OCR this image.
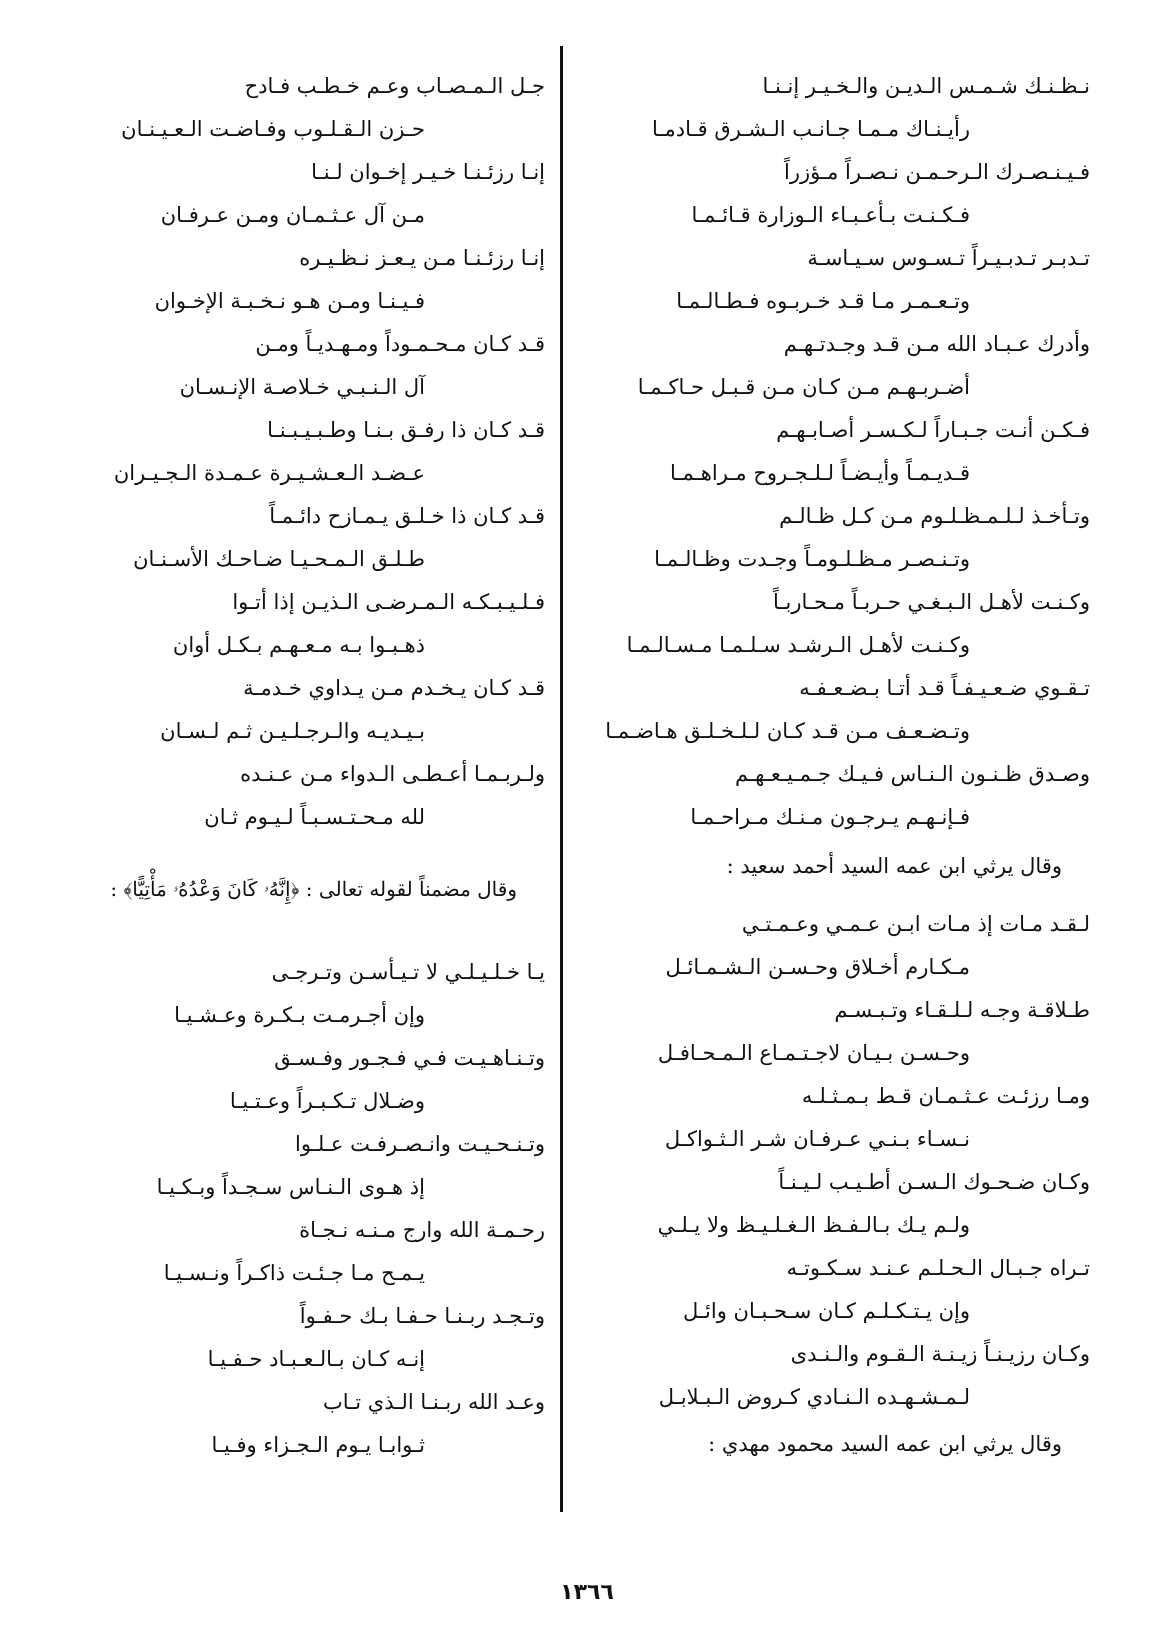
نـظـنـك شـمـس الـديـن والـخـيـر إنـنـا
رأيـنـاك مـمـا جـانـب الـشـرق قـادمـا
فـيـنـصـرك الـرحـمـن نـصـراً مـؤزراً
فـكـنـت بـأعـبـاء الـوزارة قـائـمـا
تـدبـر تـدبـيـراً تـسـوس سـيـاسـة
وتـعـمـر مـا قـد خـربـوه فـطـالـمـا
وأدرك عـبـاد الله مـن قـد وجـدتـهـم
أضـربـهـم مـن كـان مـن قـبـل حـاكـمـا
فـكـن أنـت جـبـاراً لـكـسـر أصـابـهـم
قـديـمـاً وأيـضـاً لـلـجـروح مـراهـمـا
وتـأخـذ لـلـمـظـلـوم مـن كـل ظـالـم
وتـنـصـر مـظـلـومـاً وجـدت وظـالـمـا
وكـنـت لأهـل الـبـغـي حـربـاً مـحـاربـاً
وكـنـت لأهـل الـرشـد سـلـمـا مـسـالـمـا
تـقـوي ضـعـيـفـاً قـد أتـا بـضـعـفـه
وتـضـعـف مـن قـد كـان لـلـخـلـق هـاضـمـا
وصـدق ظـنـون الـنـاس فـيـك جـمـيـعـهـم
فـإنـهـم يـرجـون مـنـك مـراحـمـا
وقال يرثي ابن عمه السيد أحمد سعيد :
لـقـد مـات إذ مـات ابـن عـمـي وعـمـتـي
مـكـارم أخـلاق وحـسـن الـشـمـائـل
طـلاقـة وجـه لـلـقـاء وتـبـسـم
وحـسـن بـيـان لاجـتـمـاع الـمـحـافـل
ومـا رزئـت عـثـمـان قـط بـمـثـلـه
نـسـاء بـنـي عـرفـان شـر الـثـواكـل
وكـان ضـحـوك الـسـن أطـيـب لـيـنـاً
ولـم يـك بـالـفـظ الـغـلـيـظ ولا يـلـي
تـراه جـبـال الـحـلـم عـنـد سـكـوتـه
وإن يـتـكـلـم كـان سـحـبـان وائـل
وكـان رزيـنـاً زيـنـة الـقـوم والـنـدى
لـمـشـهـده الـنـادي كـروض الـبـلابـل
وقال يرثي ابن عمه السيد محمود مهدي :
جـل الـمـصـاب وعـم خـطـب فـادح
حـزن الـقـلـوب وفـاضـت الـعـيـنـان
إنـا رزئـنـا خـيـر إخـوان لـنـا
مـن آل عـثـمـان ومـن عـرفـان
إنـا رزئـنـا مـن يـعـز نـظـيـره
فـيـنـا ومـن هـو نـخـبـة الإخـوان
قـد كـان مـحـمـوداً ومـهـديـاً ومـن
آل الـنـبـي خـلاصـة الإنـسـان
قـد كـان ذا رفـق بـنـا وطـبـيـبـنـا
عـضـد الـعـشـيـرة عـمـدة الـجـيـران
قـد كـان ذا خـلـق يـمـازح دائـمـاً
طـلـق الـمـحـيـا ضـاحـك الأسـنـان
فـلـيـبـكـه الـمـرضـى الـذيـن إذا أتـوا
ذهـبـوا بـه مـعـهـم بـكـل أوان
قـد كـان يـخـدم مـن يـداوي خـدمـة
بـيـديـه والـرجـلـيـن ثـم لـسـان
ولـربـمـا أعـطـى الـدواء مـن عـنـده
لله مـحـتـسـبـاً لـيـوم ثـان
وقال مضمناً لقوله تعالى : ﴿إِنَّهُۥ كَانَ وَعْدُهُۥ مَأْتِيًّا﴾ :
يـا خـلـيـلـي لا تـيـأسـن وتـرجـى
وإن أجـرمـت بـكـرة وعـشـيـا
وتـنـاهـيـت فـي فـجـور وفـسـق
وضـلال تـكـبـراً وعـتـيـا
وتـنـحـيـت وانـصـرفـت عـلـوا
إذ هـوى الـنـاس سـجـداً وبـكـيـا
رحـمـة الله وارج مـنـه نـجـاة
يـمـح مـا جـئـت ذاكـراً ونـسـيـا
وتـجـد ربـنـا حـفـا بـك حـفـواً
إنـه كـان بـالـعـبـاد حـفـيـا
وعـد الله ربـنـا الـذي تـاب
ثـوابـا يـوم الـجـزاء وفـيـا
١٣٦٦
